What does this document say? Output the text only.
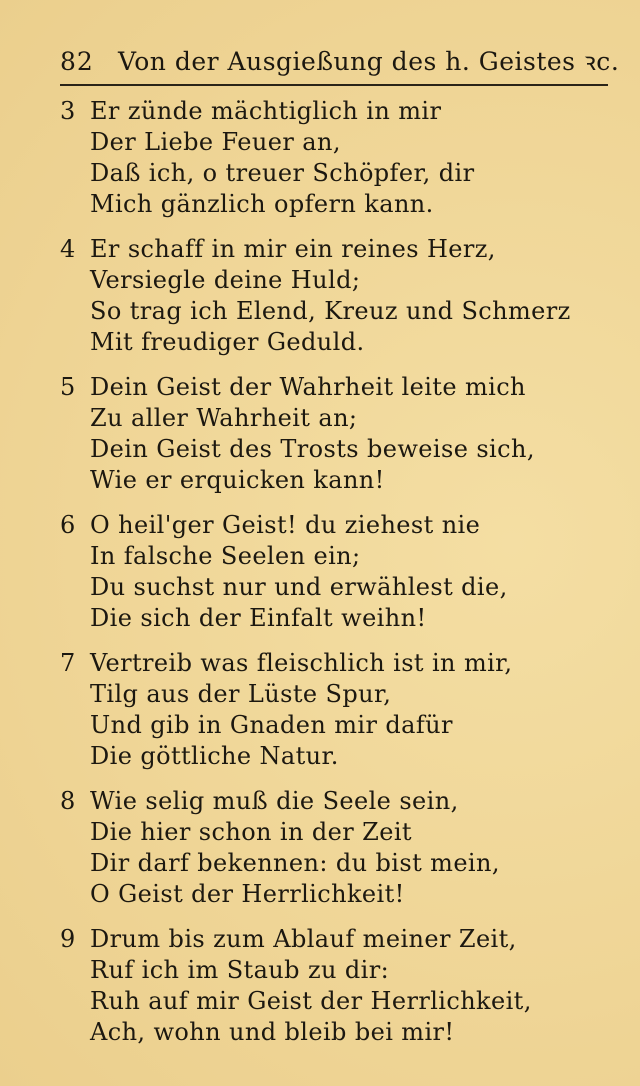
82 Von der Ausgießung des h. Geistes ꝛc.
3 Er zünde mächtiglich in mir
Der Liebe Feuer an,
Daß ich, o treuer Schöpfer, dir
Mich gänzlich opfern kann.
4 Er schaff in mir ein reines Herz,
Versiegle deine Huld;
So trag ich Elend, Kreuz und Schmerz
Mit freudiger Geduld.
5 Dein Geist der Wahrheit leite mich
Zu aller Wahrheit an;
Dein Geist des Trosts beweise sich,
Wie er erquicken kann!
6 O heil'ger Geist! du ziehest nie
In falsche Seelen ein;
Du suchst nur und erwählest die,
Die sich der Einfalt weihn!
7 Vertreib was fleischlich ist in mir,
Tilg aus der Lüste Spur,
Und gib in Gnaden mir dafür
Die göttliche Natur.
8 Wie selig muß die Seele sein,
Die hier schon in der Zeit
Dir darf bekennen: du bist mein,
O Geist der Herrlichkeit!
9 Drum bis zum Ablauf meiner Zeit,
Ruf ich im Staub zu dir:
Ruh auf mir Geist der Herrlichkeit,
Ach, wohn und bleib bei mir!
